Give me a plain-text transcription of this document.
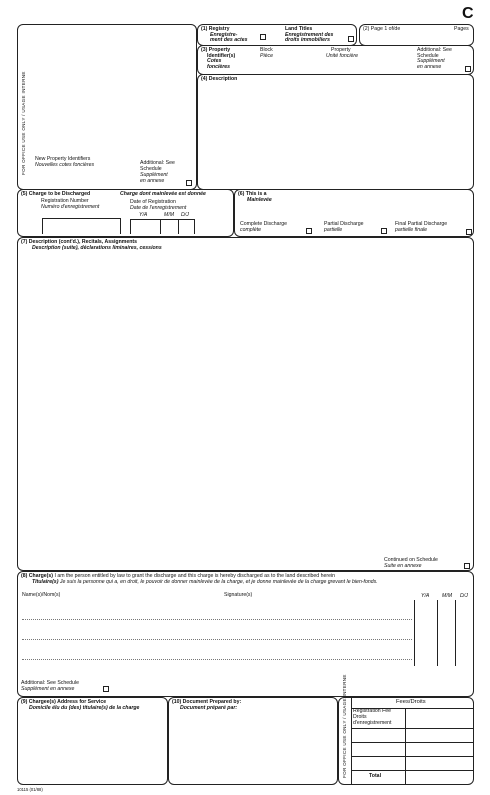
C
FOR OFFICE USE ONLY / USAGE INTERNE New Property Identifiers
Nouvelles cotes foncières	Additional: See
Schedule
Supplément
en annexe
(1) Registry
Enregistre-
ment des actes
Land Titles
Enregistrement des
droits immobiliers
(2) Page 1 of/de	Pages
(3) Property
Identifier(s)
Cotes
foncières
Block
Pièce
Property
Unité foncière
Additional: See
Schedule
Supplément
en annexe
(4) Description
(5) Charge to be Discharged	Charge dont mainlevée est donnée
Registration Number
Numéro d'enregistrement
Date of Registration
Date de l'enregistrement
Y/A	M/M D/J
(6) This is a
Mainlevée
Complete Discharge
complète
Partial Discharge
partielle
Final Partial Discharge
partielle finale
(7) Description (cont'd.), Recitals, Assignments
Description (suite), déclarations liminaires, cessions
Continued on Schedule
Suite en annexe
(8) Charge(s) I am the person entitled by law to grant the discharge and this charge is hereby discharged as to the land described herein
Titulaire(s) Je suis la personne qui a, en droit, le pouvoir de donner mainlevée de la charge, et je donne mainlevée de la charge grevant le bien-fonds.
Name(s)/Nom(s)	Signature(s)	Y/A M/M D/J
Additional: See Schedule
Supplément en annexe
(9) Chargee(s) Address for Service
Domicile élu du (des) titulaire(s) de la charge
(10) Document Prepared by:
Document préparé par:	FOR OFFICE USE ONLY / USAGE INTERNE	Fees/Droits
Registration Fee
Droits
d'enregistrement
Total
10115 (01/88)
